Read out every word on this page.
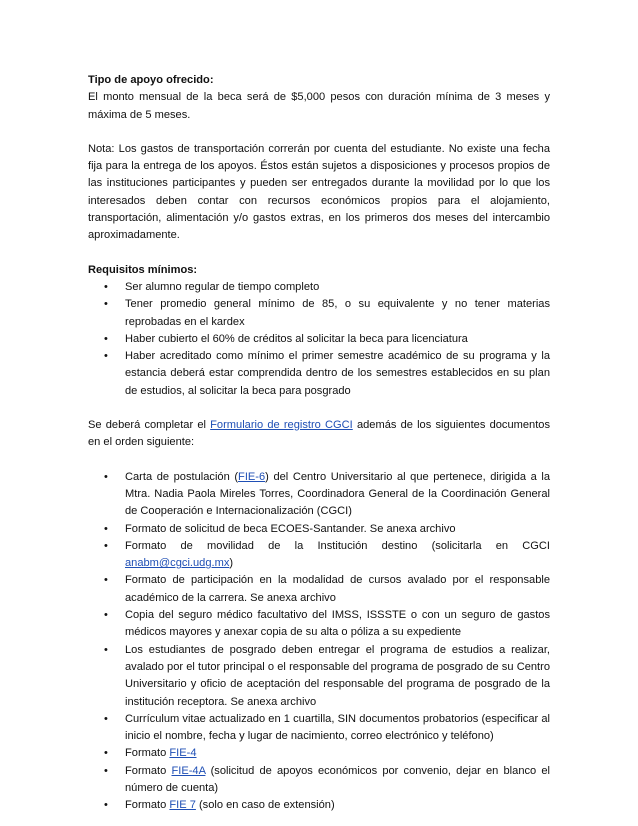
Tipo de apoyo ofrecido:

El monto mensual de la beca será de $5,000 pesos con duración mínima de 3 meses y máxima de 5 meses.

Nota: Los gastos de transportación correrán por cuenta del estudiante. No existe una fecha fija para la entrega de los apoyos. Éstos están sujetos a disposiciones y procesos propios de las instituciones participantes y pueden ser entregados durante la movilidad por lo que los interesados deben contar con recursos económicos propios para el alojamiento, transportación, alimentación y/o gastos extras, en los primeros dos meses del intercambio aproximadamente.

Requisitos mínimos:

• Ser alumno regular de tiempo completo
• Tener promedio general mínimo de 85, o su equivalente y no tener materias reprobadas en el kardex
• Haber cubierto el 60% de créditos al solicitar la beca para licenciatura
• Haber acreditado como mínimo el primer semestre académico de su programa y la estancia deberá estar comprendida dentro de los semestres establecidos en su plan de estudios, al solicitar la beca para posgrado

Se deberá completar el Formulario de registro CGCI además de los siguientes documentos en el orden siguiente:

• Carta de postulación (FIE-6) del Centro Universitario al que pertenece, dirigida a la Mtra. Nadia Paola Mireles Torres, Coordinadora General de la Coordinación General de Cooperación e Internacionalización (CGCI)
• Formato de solicitud de beca ECOES-Santander. Se anexa archivo
• Formato de movilidad de la Institución destino (solicitarla en CGCI anabm@cgci.udg.mx)
• Formato de participación en la modalidad de cursos avalado por el responsable académico de la carrera. Se anexa archivo
• Copia del seguro médico facultativo del IMSS, ISSSTE o con un seguro de gastos médicos mayores y anexar copia de su alta o póliza a su expediente
• Los estudiantes de posgrado deben entregar el programa de estudios a realizar, avalado por el tutor principal o el responsable del programa de posgrado de su Centro Universitario y oficio de aceptación del responsable del programa de posgrado de la institución receptora. Se anexa archivo
• Currículum vitae actualizado en 1 cuartilla, SIN documentos probatorios (especificar al inicio el nombre, fecha y lugar de nacimiento, correo electrónico y teléfono)
• Formato FIE-4
• Formato FIE-4A (solicitud de apoyos económicos por convenio, dejar en blanco el número de cuenta)
• Formato FIE 7 (solo en caso de extensión)
